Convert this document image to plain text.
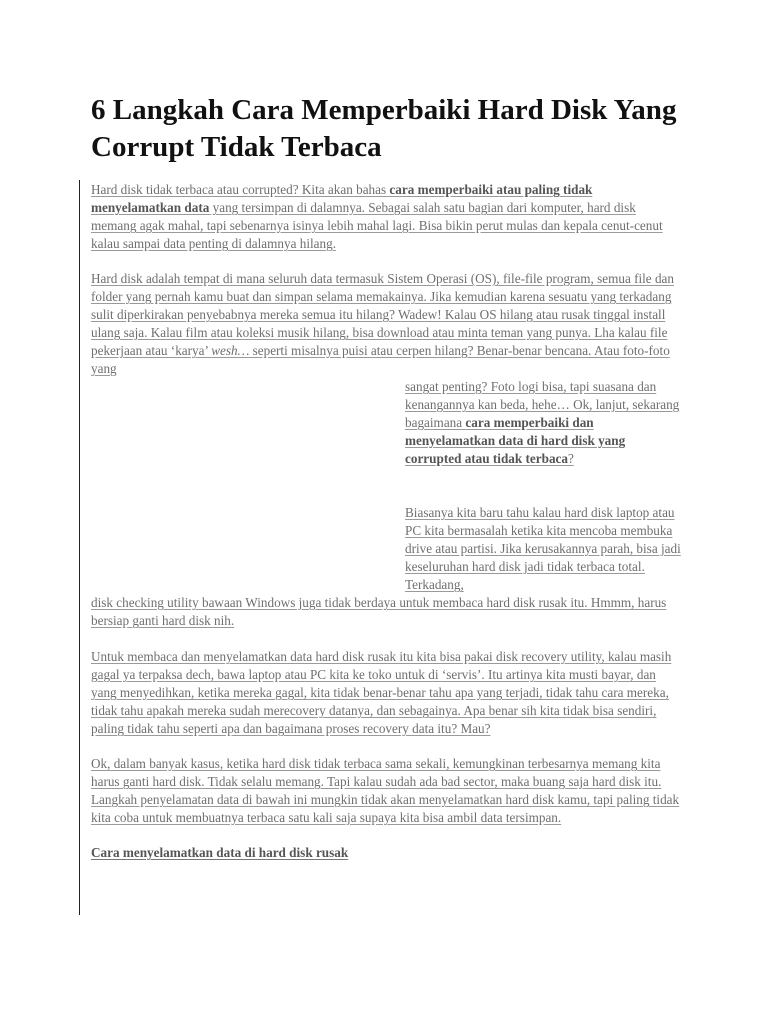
6 Langkah Cara Memperbaiki Hard Disk Yang Corrupt Tidak Terbaca

Hard disk tidak terbaca atau corrupted? Kita akan bahas cara memperbaiki atau paling tidak menyelamatkan data yang tersimpan di dalamnya. Sebagai salah satu bagian dari komputer, hard disk memang agak mahal, tapi sebenarnya isinya lebih mahal lagi. Bisa bikin perut mulas dan kepala cenut-cenut kalau sampai data penting di dalamnya hilang.

Hard disk adalah tempat di mana seluruh data termasuk Sistem Operasi (OS), file-file program, semua file dan folder yang pernah kamu buat dan simpan selama memakainya. Jika kemudian karena sesuatu yang terkadang sulit diperkirakan penyebabnya mereka semua itu hilang? Wadew! Kalau OS hilang atau rusak tinggal install ulang saja. Kalau film atau koleksi musik hilang, bisa download atau minta teman yang punya. Lha kalau file pekerjaan atau ‘karya’ wesh… seperti misalnya puisi atau cerpen hilang? Benar-benar bencana. Atau foto-foto yang

sangat penting? Foto logi bisa, tapi suasana dan kenangannya kan beda, hehe… Ok, lanjut, sekarang bagaimana cara memperbaiki dan menyelamatkan data di hard disk yang corrupted atau tidak terbaca?

Biasanya kita baru tahu kalau hard disk laptop atau PC kita bermasalah ketika kita mencoba membuka drive atau partisi. Jika kerusakannya parah, bisa jadi keseluruhan hard disk jadi tidak terbaca total. Terkadang,

disk checking utility bawaan Windows juga tidak berdaya untuk membaca hard disk rusak itu. Hmmm, harus bersiap ganti hard disk nih.

Untuk membaca dan menyelamatkan data hard disk rusak itu kita bisa pakai disk recovery utility, kalau masih gagal ya terpaksa dech, bawa laptop atau PC kita ke toko untuk di ‘servis’. Itu artinya kita musti bayar, dan yang menyedihkan, ketika mereka gagal, kita tidak benar-benar tahu apa yang terjadi, tidak tahu cara mereka, tidak tahu apakah mereka sudah merecovery datanya, dan sebagainya. Apa benar sih kita tidak bisa sendiri, paling tidak tahu seperti apa dan bagaimana proses recovery data itu? Mau?

Ok, dalam banyak kasus, ketika hard disk tidak terbaca sama sekali, kemungkinan terbesarnya memang kita harus ganti hard disk. Tidak selalu memang. Tapi kalau sudah ada bad sector, maka buang saja hard disk itu. Langkah penyelamatan data di bawah ini mungkin tidak akan menyelamatkan hard disk kamu, tapi paling tidak kita coba untuk membuatnya terbaca satu kali saja supaya kita bisa ambil data tersimpan.

Cara menyelamatkan data di hard disk rusak
